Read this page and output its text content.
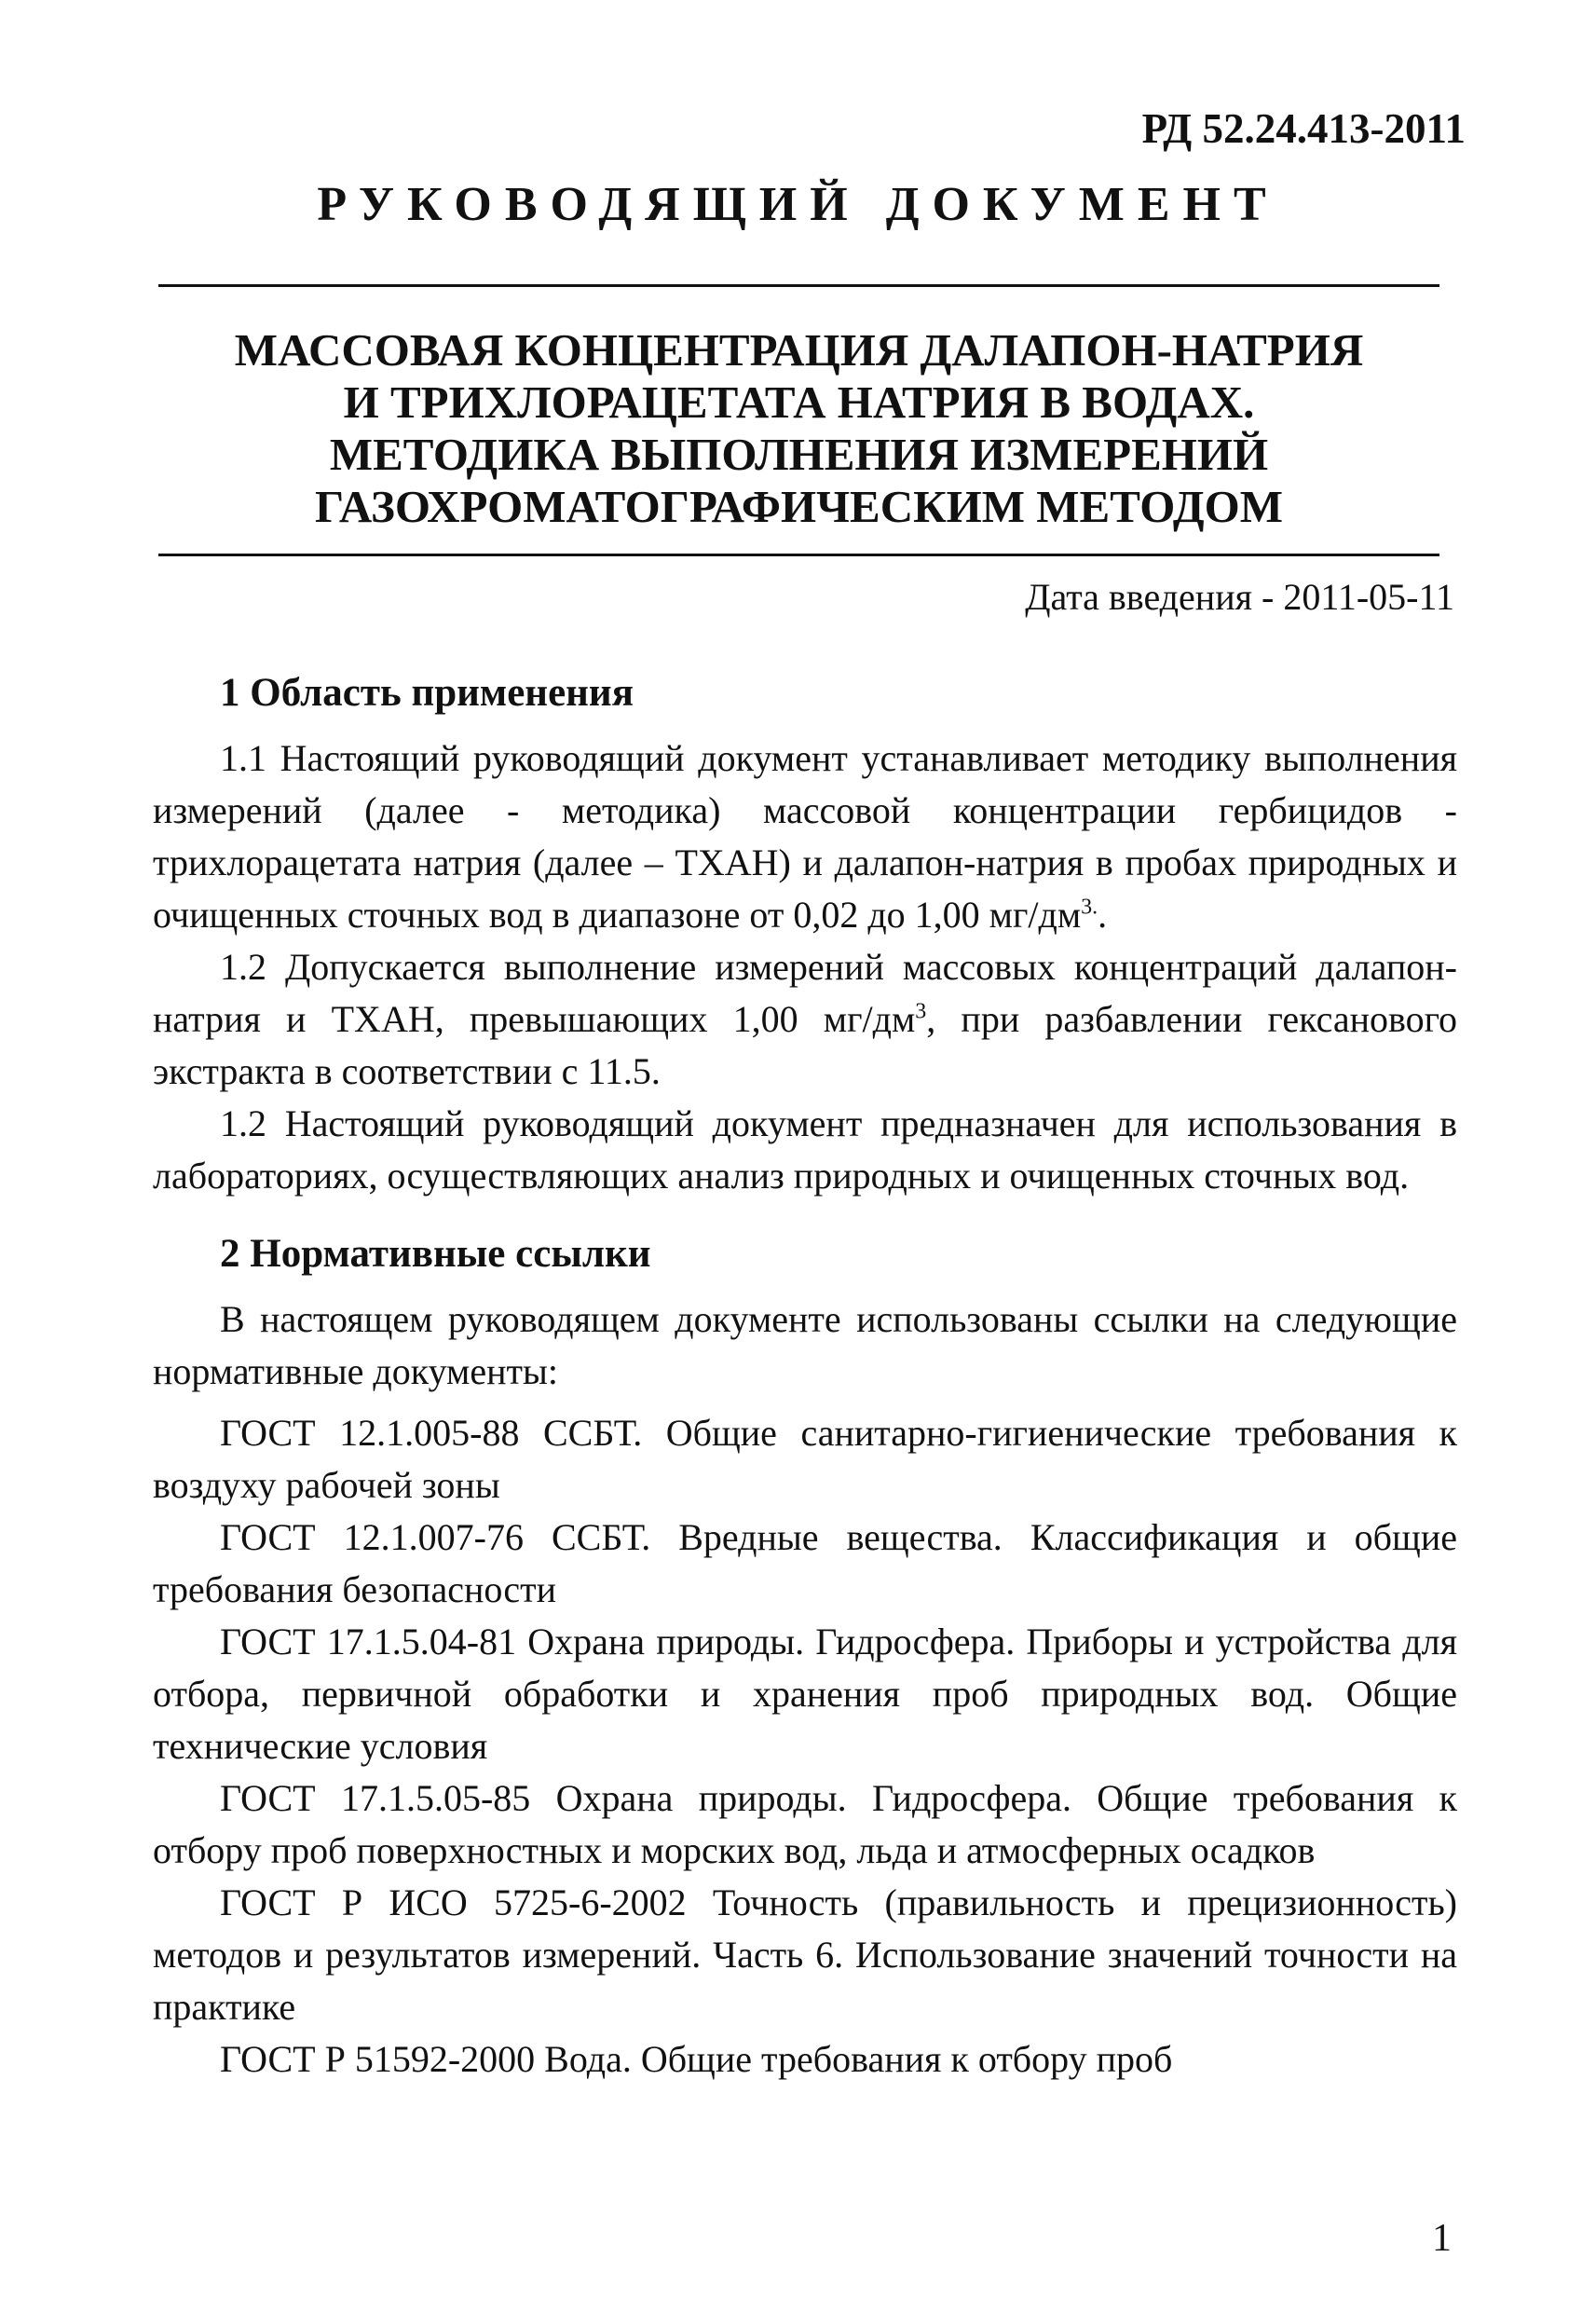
РД 52.24.413-2011
РУКОВОДЯЩИЙ ДОКУМЕНТ
МАССОВАЯ КОНЦЕНТРАЦИЯ ДАЛАПОН-НАТРИЯ
И ТРИХЛОРАЦЕТАТА НАТРИЯ В ВОДАХ.
МЕТОДИКА ВЫПОЛНЕНИЯ ИЗМЕРЕНИЙ
ГАЗОХРОМАТОГРАФИЧЕСКИМ МЕТОДОМ
Дата введения - 2011-05-11
1 Область применения

1.1 Настоящий руководящий документ устанавливает методику выполнения измерений (далее - методика) массовой концентрации гербицидов - трихлорацетата натрия (далее – ТХАН) и далапон-натрия в пробах природных и очищенных сточных вод в диапазоне от 0,02 до 1,00 $мг/дм^{3.}$.

1.2 Допускается выполнение измерений массовых концентраций далапон-натрия и ТХАН, превышающих 1,00 $мг/дм^3$, при разбавлении гексанового экстракта в соответствии с 11.5.

1.2 Настоящий руководящий документ предназначен для использования в лабораториях, осуществляющих анализ природных и очищенных сточных вод.

2 Нормативные ссылки

В настоящем руководящем документе использованы ссылки на следующие нормативные документы:

ГОСТ 12.1.005-88 ССБТ. Общие санитарно-гигиенические требования к воздуху рабочей зоны

ГОСТ 12.1.007-76 ССБТ. Вредные вещества. Классификация и общие требования безопасности

ГОСТ 17.1.5.04-81 Охрана природы. Гидросфера. Приборы и устройства для отбора, первичной обработки и хранения проб природных вод. Общие технические условия

ГОСТ 17.1.5.05-85 Охрана природы. Гидросфера. Общие требования к отбору проб поверхностных и морских вод, льда и атмосферных осадков

ГОСТ Р ИСО 5725-6-2002 Точность (правильность и прецизионность) методов и результатов измерений. Часть 6. Использование значений точности на практике

ГОСТ Р 51592-2000 Вода. Общие требования к отбору проб

1
